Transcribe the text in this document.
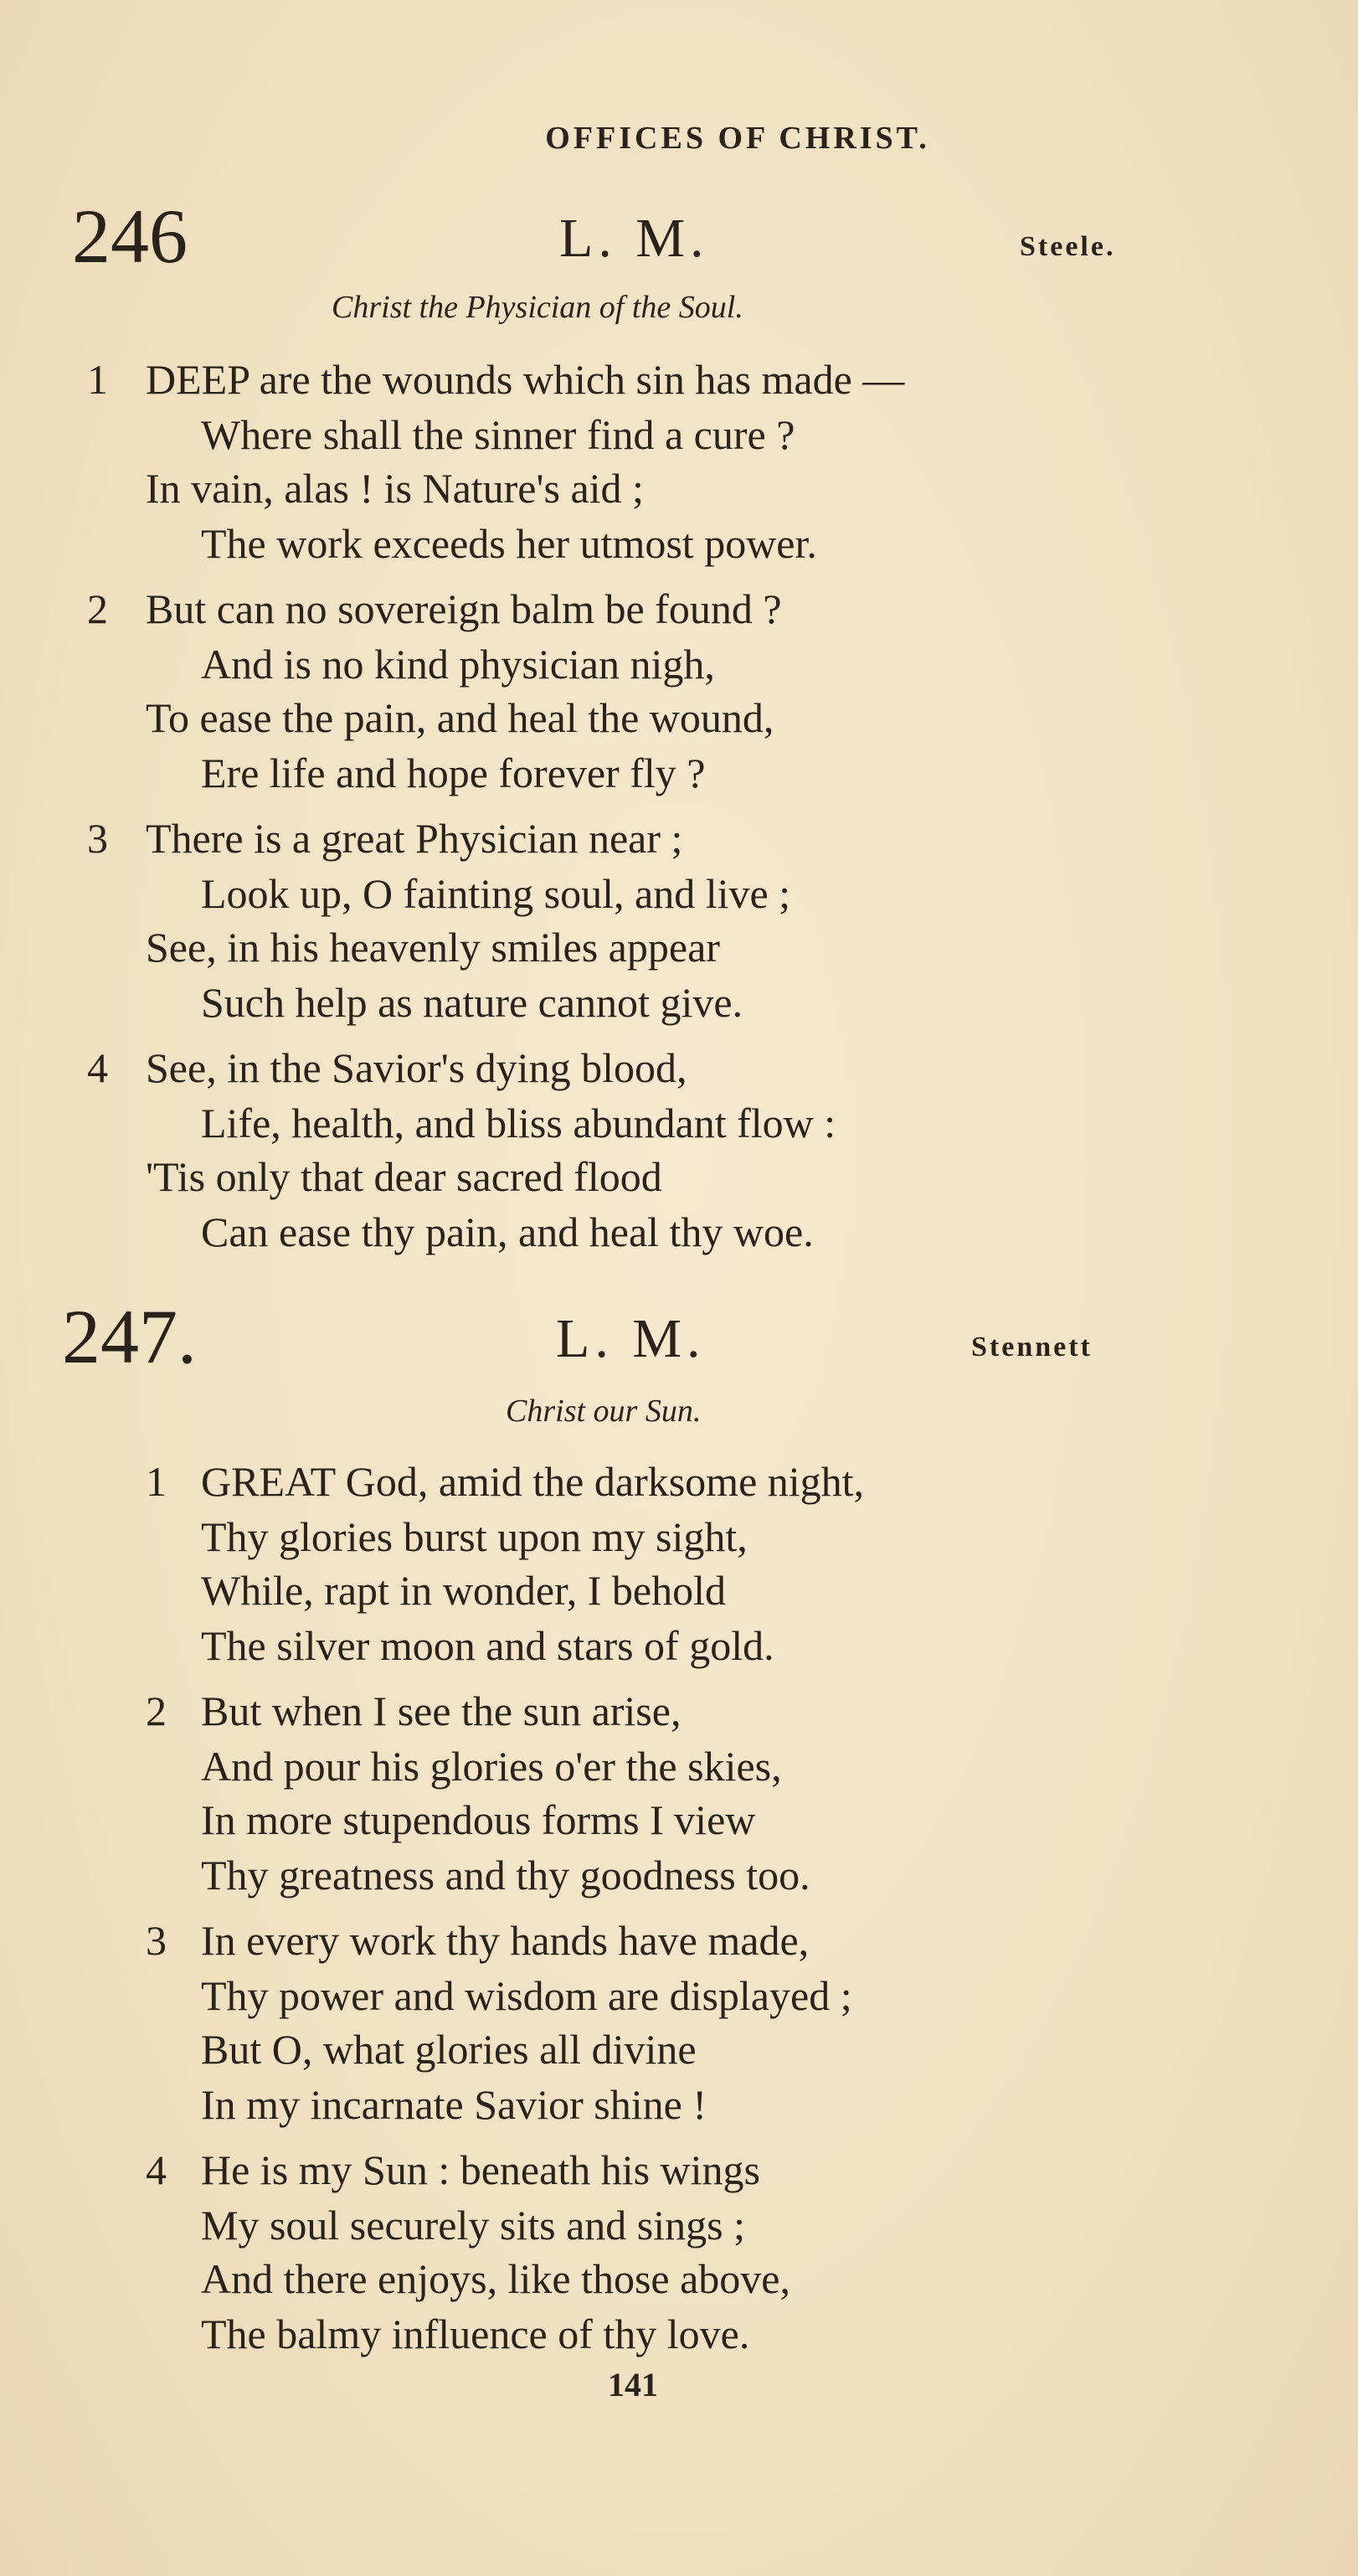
OFFICES OF CHRIST.
246	L. M.	Steele.
Christ the Physician of the Soul.
1 DEEP are the wounds which sin has made —
Where shall the sinner find a cure ?
In vain, alas ! is Nature's aid ;
The work exceeds her utmost power.
2 But can no sovereign balm be found ?
And is no kind physician nigh,
To ease the pain, and heal the wound,
Ere life and hope forever fly ?
3 There is a great Physician near ;
Look up, O fainting soul, and live ;
See, in his heavenly smiles appear
Such help as nature cannot give.
4 See, in the Savior's dying blood,
Life, health, and bliss abundant flow :
'Tis only that dear sacred flood
Can ease thy pain, and heal thy woe.
247.	L. M.	Stennett
Christ our Sun.
1 GREAT God, amid the darksome night,
Thy glories burst upon my sight,
While, rapt in wonder, I behold
The silver moon and stars of gold.
2 But when I see the sun arise,
And pour his glories o'er the skies,
In more stupendous forms I view
Thy greatness and thy goodness too.
3 In every work thy hands have made,
Thy power and wisdom are displayed ;
But O, what glories all divine
In my incarnate Savior shine !
4 He is my Sun : beneath his wings
My soul securely sits and sings ;
And there enjoys, like those above,
The balmy influence of thy love.
141
